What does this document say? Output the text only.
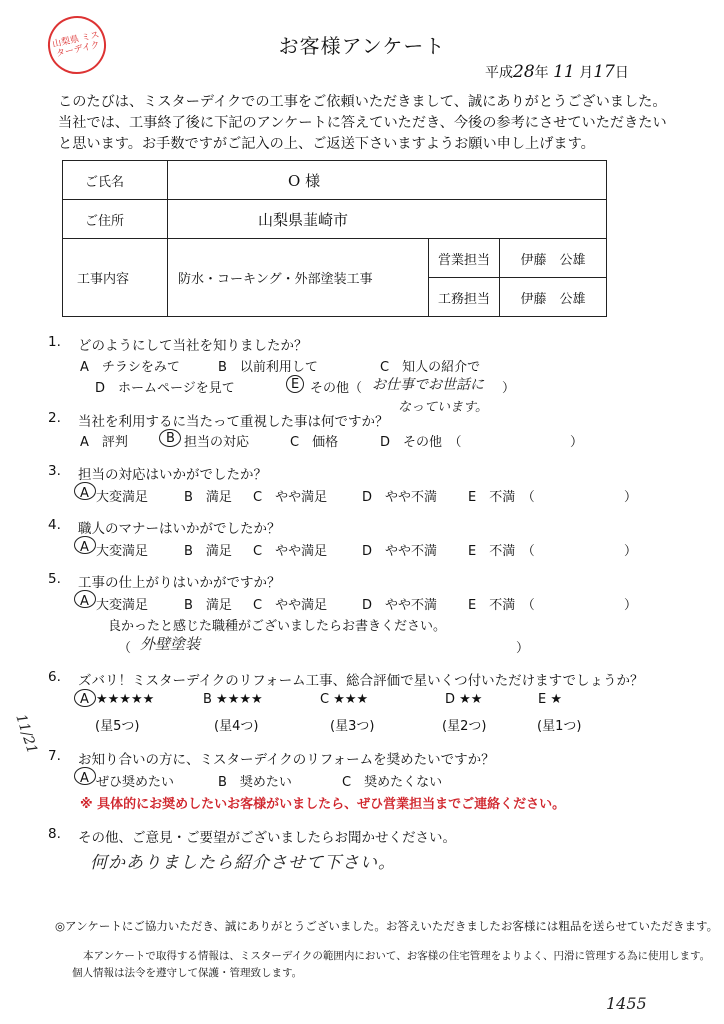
山梨県 ミスターデイク	お客様アンケート
平成28年 11 月17日

このたびは、ミスターデイクでの工事をご依頼いただきまして、誠にありがとうございました。

当社では、工事終了後に下記のアンケートに答えていただき、今後の参考にさせていただきたい

と思います。お手数ですがご記入の上、ご返送下さいますようお願い申し上げます。

ご氏名	O 様		
ご住所	山梨県韮崎市		
工事内容	防水・コーキング・外部塗装工事	営業担当	伊藤　公雄
		工務担当	伊藤　公雄
1. どのようにして当社を知りましたか？
A　チラシをみて	B　以前利用して	C　知人の紹介で
D　ホームページを見て	E その他（ お仕事でお世話に ）
なっています。
2. 当社を利用するに当たって重視した事は何ですか？
A　評判	B 担当の対応	C　価格	D　その他　（	）
3. 担当の対応はいかがでしたか？
A 大変満足	B　満足 C　やや満足	D　やや不満 E　不満　（	）
4. 職人のマナーはいかがでしたか？
A 大変満足	B　満足 C　やや満足	D　やや不満 E　不満　（	）
5. 工事の仕上がりはいかがですか？
A 大変満足	B　満足 C　やや満足	D　やや不満 E　不満　（	）
良かったと感じた職種がございましたらお書きください。
（ 外壁塗装	）
6. ズバリ！ミスターデイクのリフォーム工事、総合評価で星いくつ付いただけますでしょうか？
A ★★★★★	B ★★★★	C ★★★	D ★★	E ★
(星5つ)	(星4つ)	(星3つ)	(星2つ)	(星1つ)
11/21
7. お知り合いの方に、ミスターデイクのリフォームを奨めたいですか？
A ぜひ奨めたい	B　奨めたい	C　奨めたくない
※ 具体的にお奨めしたいお客様がいましたら、ぜひ営業担当までご連絡ください。
8. その他、ご意見・ご要望がございましたらお聞かせください。
何かありましたら紹介させて下さい。
◎アンケートにご協力いただき、誠にありがとうございました。お答えいただきましたお客様には粗品を送らせていただきます。
本アンケートで取得する情報は、ミスターデイクの範囲内において、お客様の住宅管理をよりよく、円滑に管理する為に使用します。
個人情報は法令を遵守して保護・管理致します。
1455
